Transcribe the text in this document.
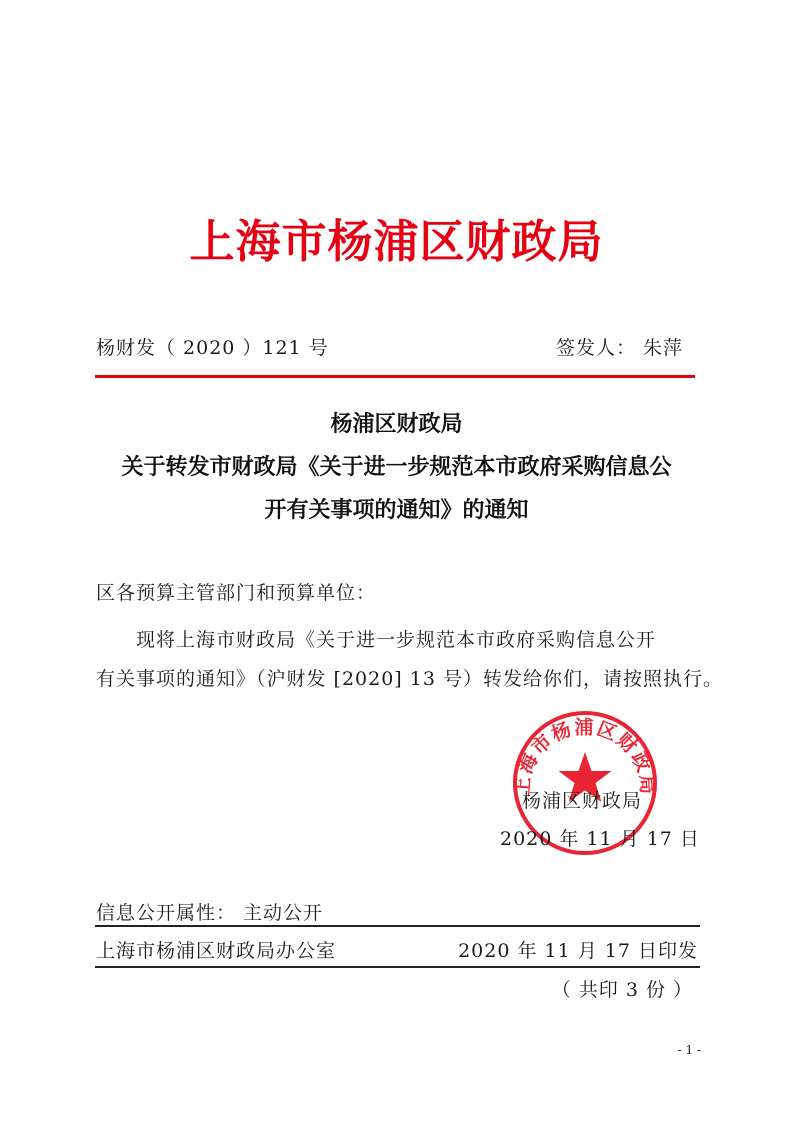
上海市杨浦区财政局
杨财发（ 2020 ）121 号	签发人： 朱萍
杨浦区财政局
关于转发市财政局《关于进一步规范本市政府采购信息公
开有关事项的通知》的通知
区各预算主管部门和预算单位：
现将上海市财政局《关于进一步规范本市政府采购信息公开
有关事项的通知》（沪财发 [2020] 13 号）转发给你们，请按照执行。
上海市杨浦区财政局
杨浦区财政局
2020 年 11 月 17 日
信息公开属性： 主动公开
上海市杨浦区财政局办公室	2020 年 11 月 17 日印发
（ 共印 3 份 ）
- 1 -
